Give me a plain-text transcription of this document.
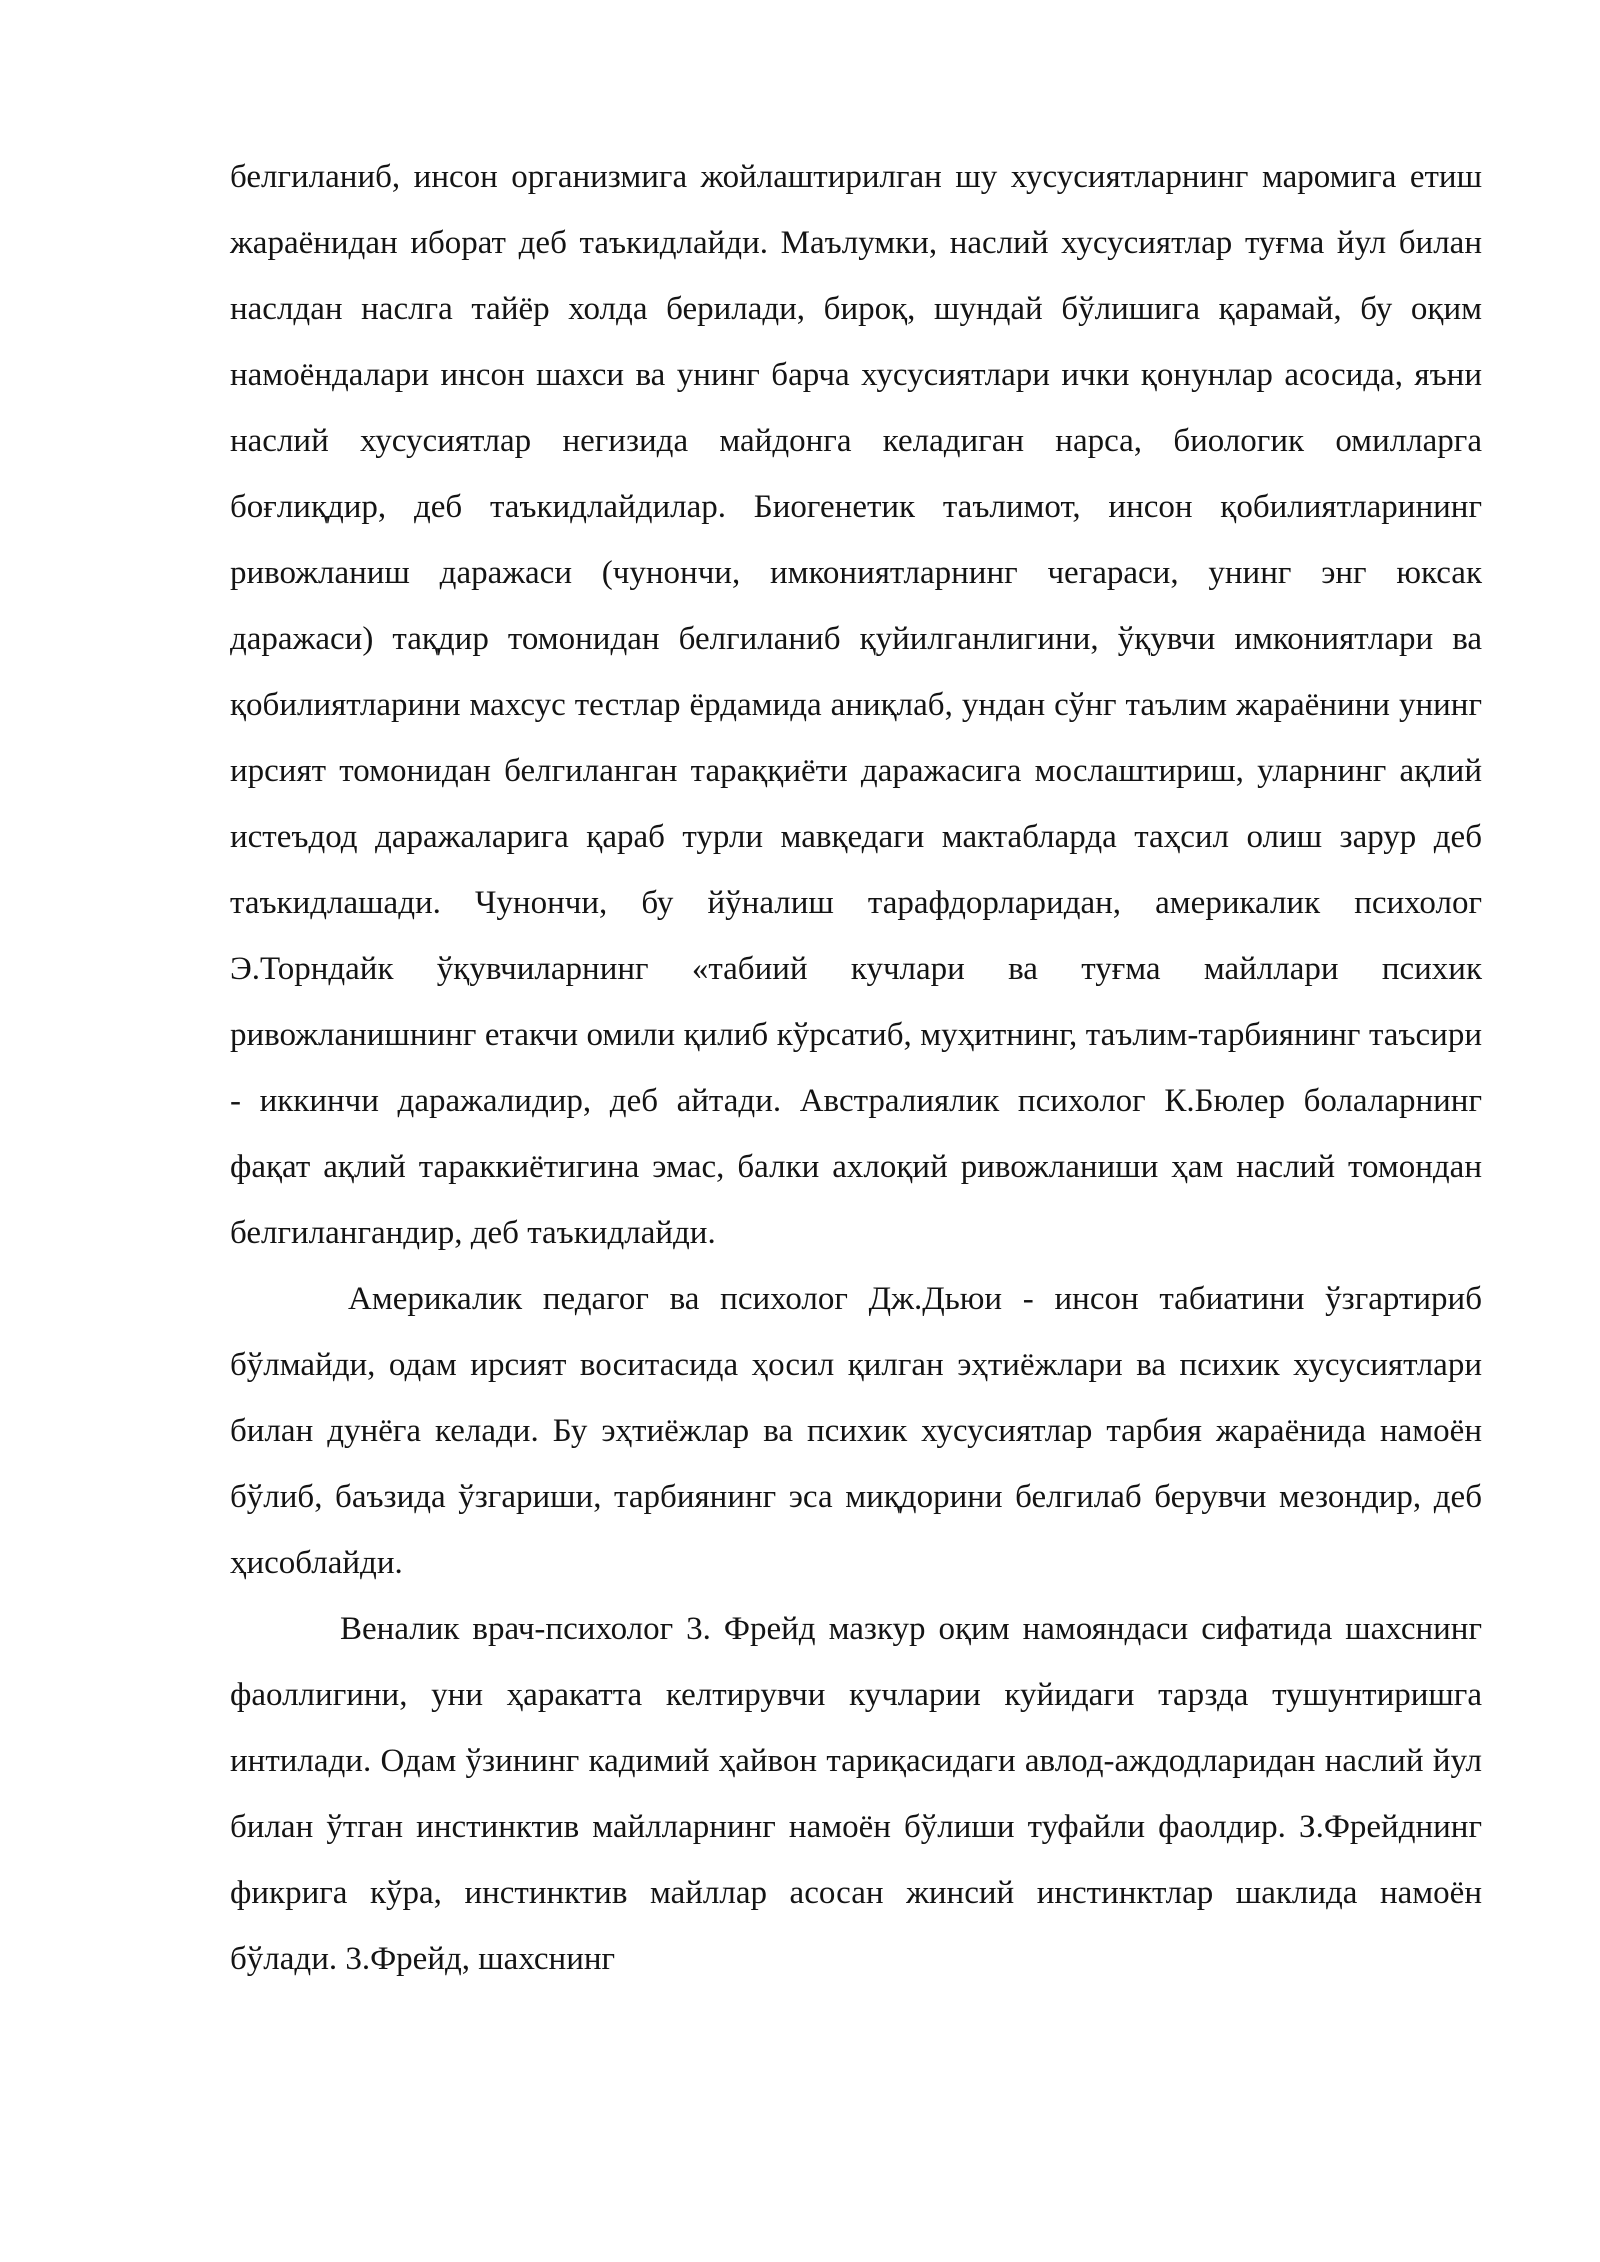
белгиланиб, инсон организмига жойлаштирилган шу хусусиятларнинг маромига етиш жараёнидан иборат деб таъкидлайди. Маълумки, наслий хусусиятлар туғма йул билан наслдан наслга тайёр холда берилади, бироқ, шундай бўлишига қарамай, бу оқим намоёндалари инсон шахси ва унинг барча хусусиятлари ички қонунлар асосида, яъни наслий хусусиятлар негизида майдонга келадиган нарса, биологик омилларга боғлиқдир, деб таъкидлайдилар. Биогенетик таълимот, инсон қобилиятларининг ривожланиш даражаси (чунончи, имкониятларнинг чегараси, унинг энг юксак даражаси) тақдир томонидан белгиланиб қуйилганлигини, ўқувчи имкониятлари ва қобилиятларини махсус тестлар ёрдамида аниқлаб, ундан сўнг таълим жараёнини унинг ирсият томонидан белгиланган тараққиёти даражасига мослаштириш, уларнинг ақлий истеъдод даражаларига қараб турли мавқедаги мактабларда таҳсил олиш зарур деб таъкидлашади. Чунончи, бу йўналиш тарафдорларидан, америкалик психолог Э.Торндайк ўқувчиларнинг «табиий кучлари ва туғма майллари психик ривожланишнинг етакчи омили қилиб кўрсатиб, муҳитнинг, таълим-тарбиянинг таъсири - иккинчи даражалидир, деб айтади. Австралиялик психолог К.Бюлер болаларнинг фақат ақлий тараккиётигина эмас, балки ахлоқий ривожланиши ҳам наслий томондан белгилангандир, деб таъкидлайди.

Америкалик педагог ва психолог Дж.Дьюи - инсон табиатини ўзгартириб бўлмайди, одам ирсият воситасида ҳосил қилган эҳтиёжлари ва психик хусусиятлари билан дунёга келади. Бу эҳтиёжлар ва психик хусусиятлар тарбия жараёнида намоён бўлиб, баъзида ўзгариши, тарбиянинг эса миқдорини белгилаб берувчи мезондир, деб ҳисоблайди.

Веналик врач-психолог 3. Фрейд мазкур оқим намояндаси сифатида шахснинг фаоллигини, уни ҳаракатта келтирувчи кучларии куйидаги тарзда тушунтиришга интилади. Одам ўзининг кадимий ҳайвон тариқасидаги авлод-аждодларидан наслий йул билан ўтган инстинктив майлларнинг намоён бўлиши туфайли фаолдир. З.Фрейднинг фикрига кўра, инстинктив майллар асосан жинсий инстинктлар шаклида намоён бўлади. 3.Фрейд, шахснинг
